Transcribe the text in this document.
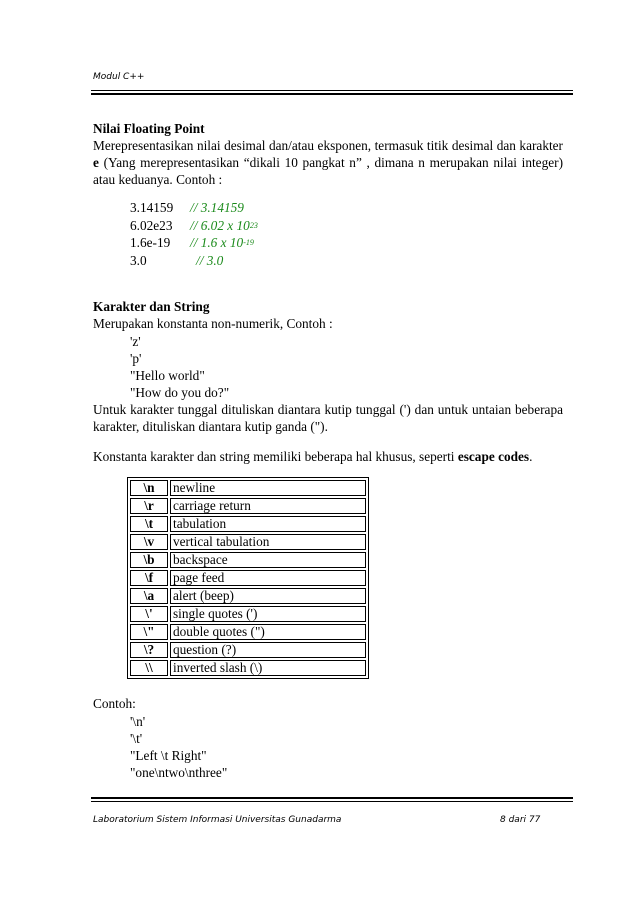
Modul C++

Nilai Floating Point

Merepresentasikan nilai desimal dan/atau eksponen, termasuk titik desimal dan karakter e (Yang merepresentasikan “dikali 10 pangkat n” , dimana n merupakan nilai integer) atau keduanya. Contoh :

3.14159	// 3.14159
6.02e23	// 6.02 x $10^{23}$
1.6e-19	// 1.6 x $10^{-19}$
3.0	// 3.0

Karakter dan String

Merupakan konstanta non-numerik, Contoh :

'z'

'p'

"Hello world"

"How do you do?"

Untuk karakter tunggal dituliskan diantara kutip tunggal (') dan untuk untaian beberapa karakter, dituliskan diantara kutip ganda (").

Konstanta karakter dan string memiliki beberapa hal khusus, seperti escape codes.

\n	newline
\r	carriage return
\t	tabulation
\v	vertical tabulation
\b	backspace
\f	page feed
\a	alert (beep)
\'	single quotes (')
\"	double quotes (")
\?	question (?)
\\	inverted slash (\)

Contoh:

'\n'

'\t'

"Left \t Right"

"one\ntwo\nthree"

Laboratorium Sistem Informasi Universitas Gunadarma	8 dari 77
